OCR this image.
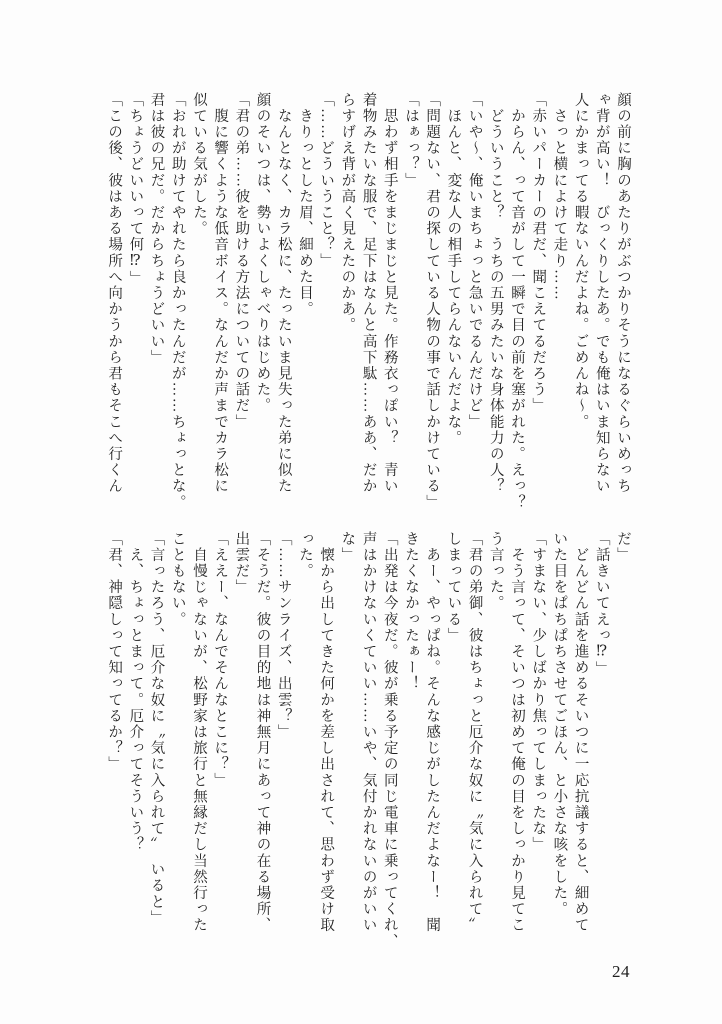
顔の前に胸のあたりがぶつかりそうになるぐらいめっち

ゃ背が高い！　びっくりしたあ。でも俺はいま知らない

人にかまってる暇ないんだよね。ごめんね～。

　さっと横によけて走り……

「赤いパーカーの君だ、聞こえてるだろう」

　からん、って音がして一瞬で目の前を塞がれた。えっ？

　どういうこと？　うちの五男みたいな身体能力の人？

「いや～、俺いまちょっと急いでるんだけど」

　ほんと、変な人の相手してらんないんだよな。

「問題ない、君の探している人物の事で話しかけている」

「はぁっ？」

　思わず相手をまじまじと見た。作務衣っぽい？　青い

着物みたいな服で、足下はなんと高下駄……ああ、だか

らすげえ背が高く見えたのかあ。

「……どういうこと？」

　きりっとした眉、細めた目。

　なんとなく、カラ松に、たったいま見失った弟に似た

顔のそいつは、勢いよくしゃべりはじめた。

「君の弟……彼を助ける方法についての話だ」

　腹に響くような低音ボイス。なんだか声までカラ松に

似ている気がした。

「おれが助けてやれたら良かったんだが……ちょっとな。

君は彼の兄だ。だからちょうどいい」

「ちょうどいいって何⁉」

「この後、彼はある場所へ向かうから君もそこへ行くん

だ」

「話きいてえっ⁉」

　どんどん話を進めるそいつに一応抗議すると、細めて

いた目をぱちぱちさせてごほん、と小さな咳をした。

「すまない、少しばかり焦ってしまったな」

　そう言って、そいつは初めて俺の目をしっかり見てこ

う言った。

「君の弟御、彼はちょっと厄介な奴に〝気に入られて〟

しまっている」

　あー、やっぱね。そんな感じがしたんだよなー！　聞

きたくなかったぁー！

「出発は今夜だ。彼が乗る予定の同じ電車に乗ってくれ、

声はかけないくていい……いや、気付かれないのがいい

な」

　懐から出してきた何かを差し出されて、思わず受け取

った。

「……サンライズ、出雲？」

「そうだ。彼の目的地は神無月にあって神の在る場所、

出雲だ」

「ええー、なんでそんなとこに？」

　自慢じゃないが、松野家は旅行と無縁だし当然行った

こともない。

「言ったろう、厄介な奴に〝気に入られて〟　いると」

　え、ちょっとまって。厄介ってそういう？

「君、神隠しって知ってるか？」

24
